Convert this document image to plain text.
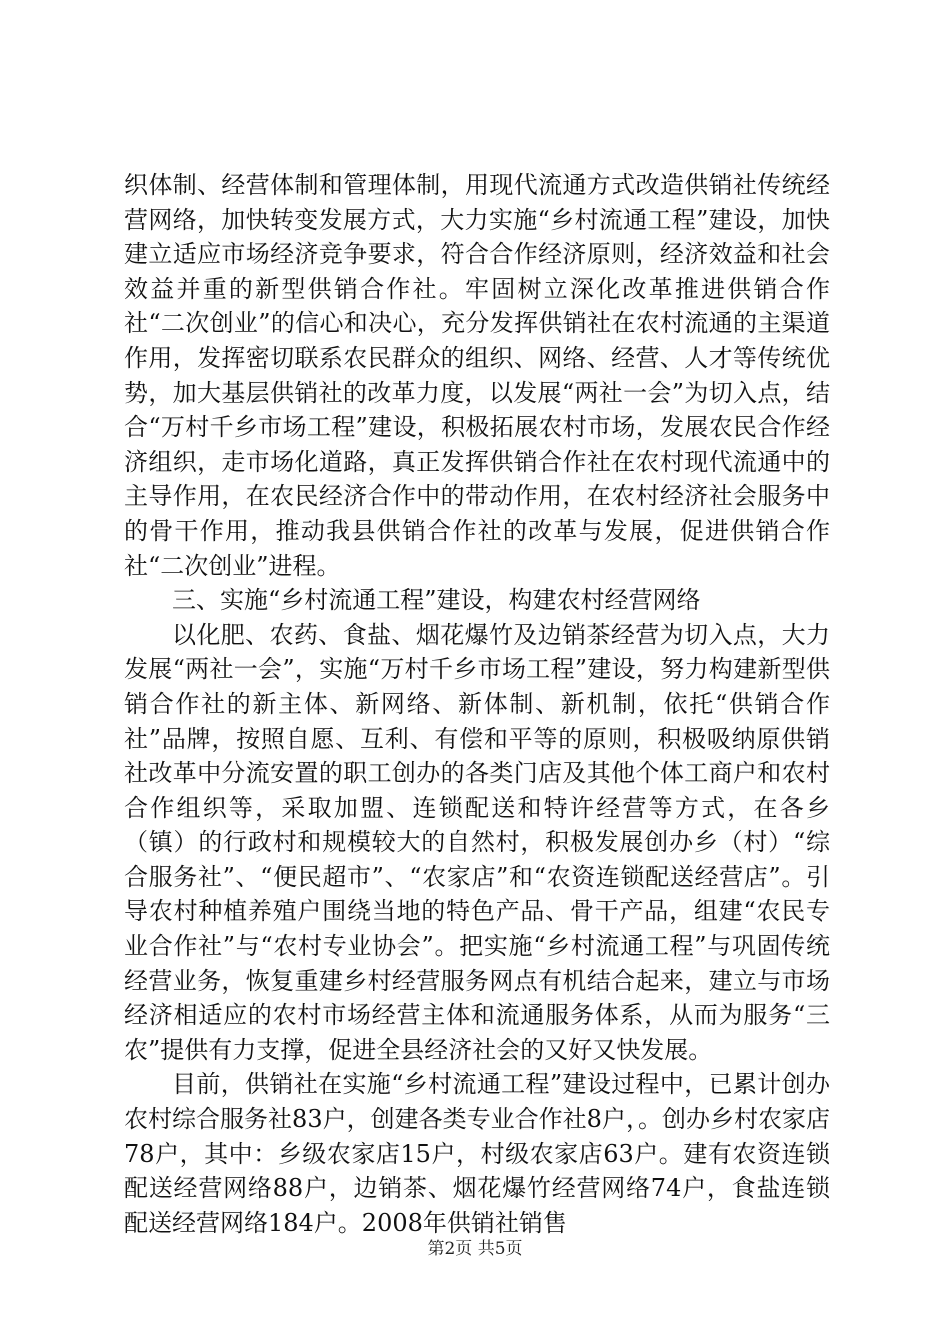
织体制、经营体制和管理体制，用现代流通方式改造供销社传统经营网络，加快转变发展方式，大力实施“乡村流通工程”建设，加快建立适应市场经济竞争要求，符合合作经济原则，经济效益和社会效益并重的新型供销合作社。牢固树立深化改革推进供销合作社“二次创业”的信心和决心，充分发挥供销社在农村流通的主渠道作用，发挥密切联系农民群众的组织、网络、经营、人才等传统优势，加大基层供销社的改革力度，以发展“两社一会”为切入点，结合“万村千乡市场工程”建设，积极拓展农村市场，发展农民合作经济组织，走市场化道路，真正发挥供销合作社在农村现代流通中的主导作用，在农民经济合作中的带动作用，在农村经济社会服务中的骨干作用，推动我县供销合作社的改革与发展，促进供销合作社“二次创业”进程。

三、实施“乡村流通工程”建设，构建农村经营网络

以化肥、农药、食盐、烟花爆竹及边销茶经营为切入点，大力发展“两社一会”，实施“万村千乡市场工程”建设，努力构建新型供销合作社的新主体、新网络、新体制、新机制，依托“供销合作社”品牌，按照自愿、互利、有偿和平等的原则，积极吸纳原供销社改革中分流安置的职工创办的各类门店及其他个体工商户和农村合作组织等，采取加盟、连锁配送和特许经营等方式，在各乡（镇）的行政村和规模较大的自然村，积极发展创办乡（村）“综合服务社”、“便民超市”、“农家店”和“农资连锁配送经营店”。引导农村种植养殖户围绕当地的特色产品、骨干产品，组建“农民专业合作社”与“农村专业协会”。把实施“乡村流通工程”与巩固传统经营业务，恢复重建乡村经营服务网点有机结合起来，建立与市场经济相适应的农村市场经营主体和流通服务体系，从而为服务“三农”提供有力支撑，促进全县经济社会的又好又快发展。

目前，供销社在实施“乡村流通工程”建设过程中，已累计创办农村综合服务社83户，创建各类专业合作社8户，。创办乡村农家店78户，其中：乡级农家店15户，村级农家店63户。建有农资连锁配送经营网络88户，边销茶、烟花爆竹经营网络74户，食盐连锁配送经营网络184户。2008年供销社销售

第2页 共5页
